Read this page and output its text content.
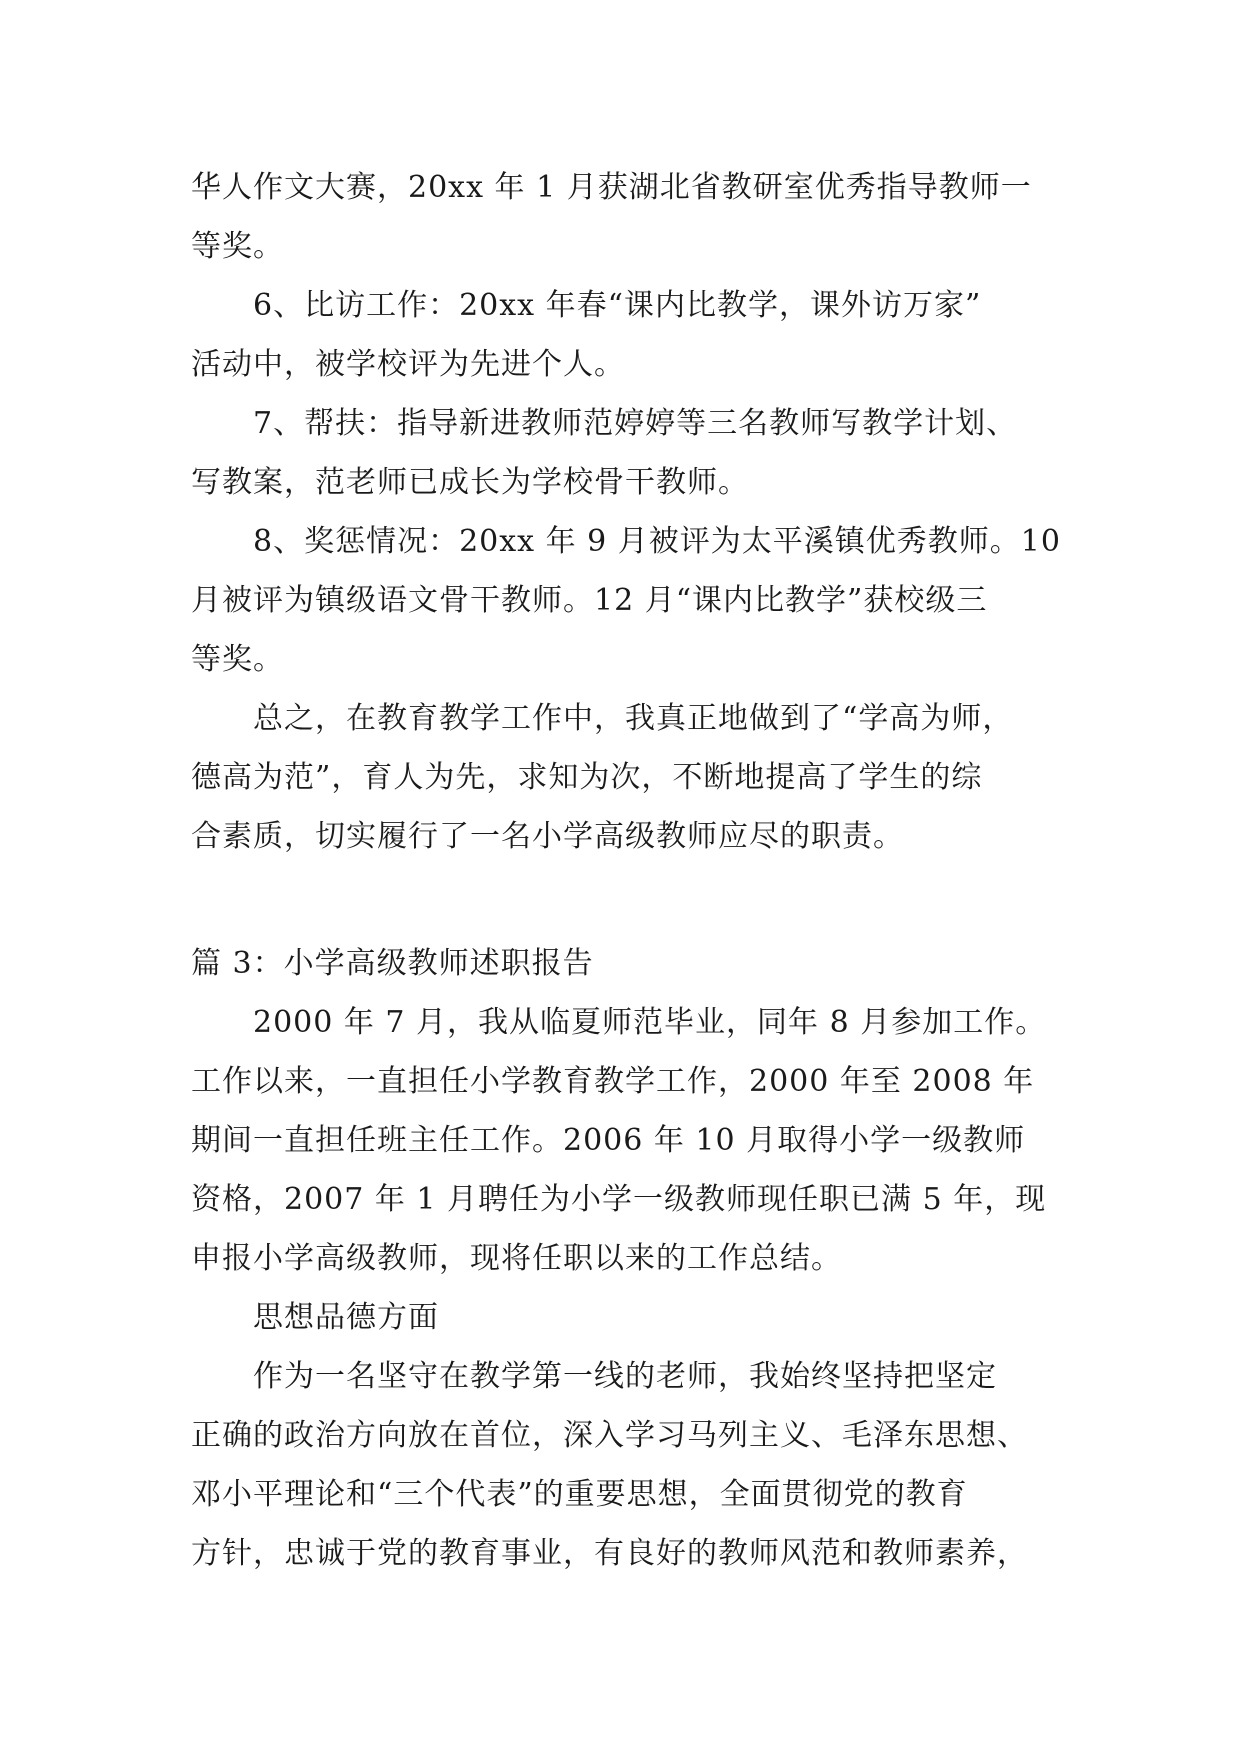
华人作文大赛，20xx 年 1 月获湖北省教研室优秀指导教师一
等奖。
6、比访工作：20xx 年春“课内比教学，课外访万家”
活动中，被学校评为先进个人。
7、帮扶：指导新进教师范婷婷等三名教师写教学计划、
写教案，范老师已成长为学校骨干教师。
8、奖惩情况：20xx 年 9 月被评为太平溪镇优秀教师。10
月被评为镇级语文骨干教师。12 月“课内比教学”获校级三
等奖。
总之，在教育教学工作中，我真正地做到了“学高为师，
德高为范”，育人为先，求知为次，不断地提高了学生的综
合素质，切实履行了一名小学高级教师应尽的职责。
篇 3：小学高级教师述职报告
2000 年 7 月，我从临夏师范毕业，同年 8 月参加工作。
工作以来，一直担任小学教育教学工作，2000 年至 2008 年
期间一直担任班主任工作。2006 年 10 月取得小学一级教师
资格，2007 年 1 月聘任为小学一级教师现任职已满 5 年，现
申报小学高级教师，现将任职以来的工作总结。
思想品德方面
作为一名坚守在教学第一线的老师，我始终坚持把坚定
正确的政治方向放在首位，深入学习马列主义、毛泽东思想、
邓小平理论和“三个代表”的重要思想，全面贯彻党的教育
方针，忠诚于党的教育事业，有良好的教师风范和教师素养，
